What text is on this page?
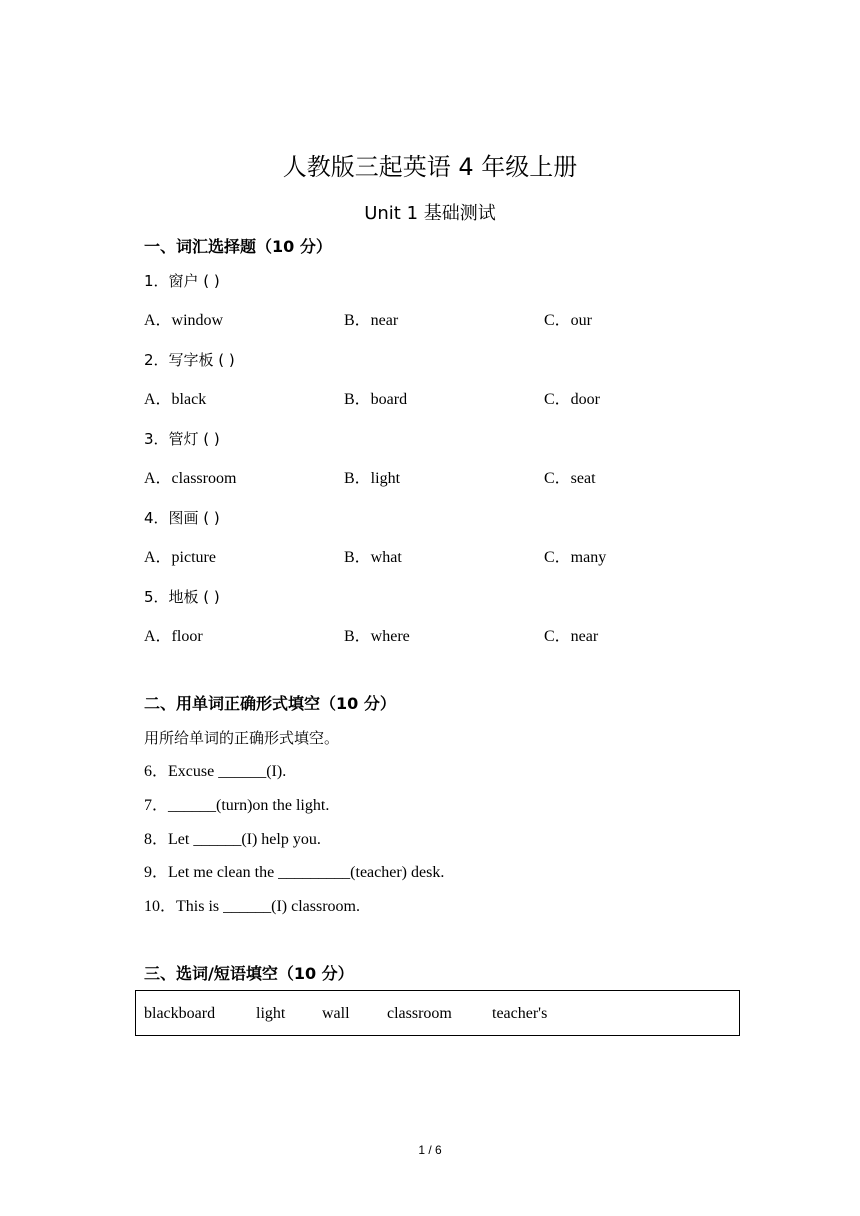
人教版三起英语 4 年级上册
Unit 1 基础测试
一、词汇选择题（10 分）
1．窗户 ( )
A．window	B．near	C．our
2．写字板 ( )
A．black	B．board	C．door
3．管灯 ( )
A．classroom	B．light	C．seat
4．图画 ( )
A．picture	B．what	C．many
5．地板 ( )
A．floor	B．where	C．near
二、用单词正确形式填空（10 分）
用所给单词的正确形式填空。
6．Excuse ______(I).
7．______(turn)on the light.
8．Let ______(I) help you.
9．Let me clean the _________(teacher) desk.
10．This is ______(I) classroom.
三、选词/短语填空（10 分）
blackboard	light wall classroom	teacher's
1 / 6
